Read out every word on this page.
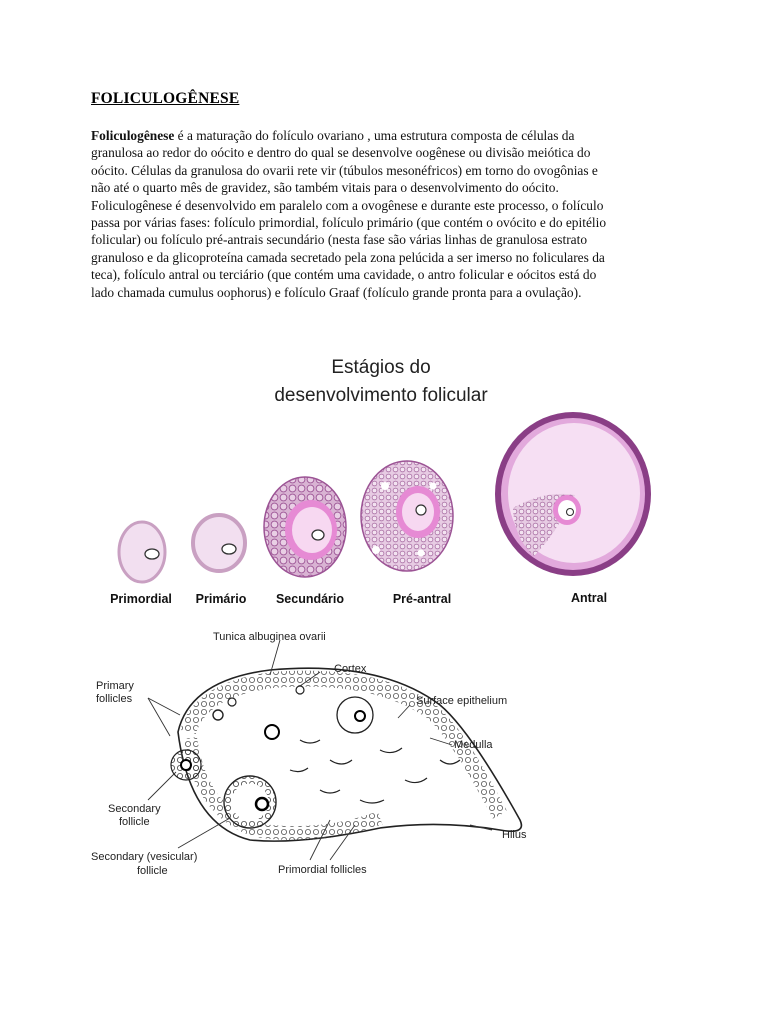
FOLICULOGÊNESE
Foliculogênese é a maturação do folículo ovariano , uma estrutura composta de células da
granulosa ao redor do oócito e dentro do qual se desenvolve oogênese ou divisão meiótica do
oócito. Células da granulosa do ovarii rete vir (túbulos mesonéfricos) em torno do ovogônias e
não até o quarto mês de gravidez, são também vitais para o desenvolvimento do oócito.
Foliculogênese é desenvolvido em paralelo com a ovogênese e durante este processo, o folículo
passa por várias fases: folículo primordial, folículo primário (que contém o ovócito e do epitélio
folicular) ou folículo pré-antrais secundário (nesta fase são várias linhas de granulosa estrato
granuloso e da glicoproteína camada secretado pela zona pelúcida a ser imerso no foliculares da
teca), folículo antral ou terciário (que contém uma cavidade, o antro folicular e oócitos está do
lado chamada cumulus oophorus) e folículo Graaf (folículo grande pronta para a ovulação).
Estágios do
desenvolvimento folicular
Primordial Primário Secundário	Pré-antral	Antral
Tunica albuginea ovarii
Cortex
Primary
follicles	Surface epithelium
Medulla
Secondary
follicle
Hilus
Secondary (vesicular)
follicle	Primordial follicles
